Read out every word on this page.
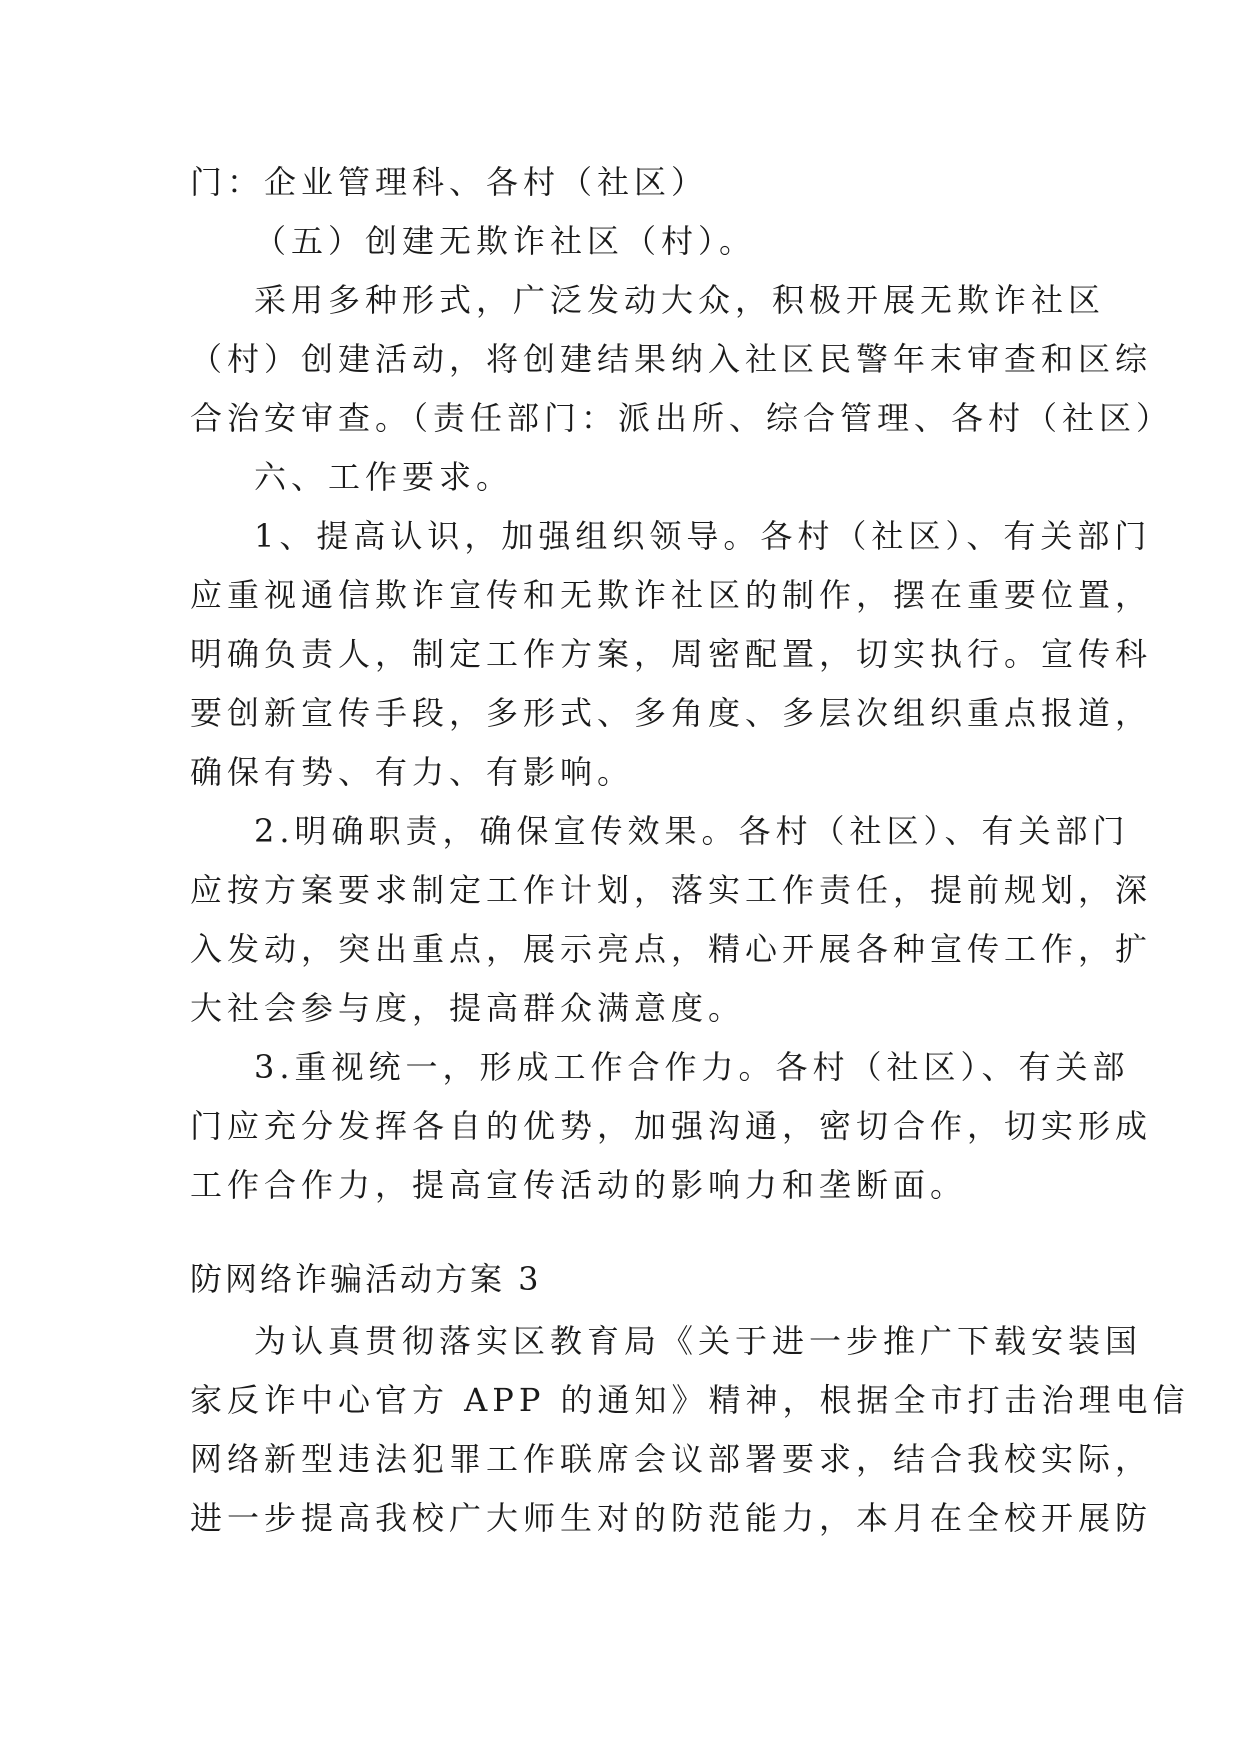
门：企业管理科、各村（社区）
（五）创建无欺诈社区（村）。
采用多种形式，广泛发动大众，积极开展无欺诈社区
（村）创建活动，将创建结果纳入社区民警年末审查和区综
合治安审查。（责任部门：派出所、综合管理、各村（社区）
六、工作要求。
1、提高认识，加强组织领导。各村（社区）、有关部门
应重视通信欺诈宣传和无欺诈社区的制作，摆在重要位置，
明确负责人，制定工作方案，周密配置，切实执行。宣传科
要创新宣传手段，多形式、多角度、多层次组织重点报道，
确保有势、有力、有影响。
2.明确职责，确保宣传效果。各村（社区）、有关部门
应按方案要求制定工作计划，落实工作责任，提前规划，深
入发动，突出重点，展示亮点，精心开展各种宣传工作，扩
大社会参与度，提高群众满意度。
3.重视统一，形成工作合作力。各村（社区）、有关部
门应充分发挥各自的优势，加强沟通，密切合作，切实形成
工作合作力，提高宣传活动的影响力和垄断面。
防网络诈骗活动方案 3
为认真贯彻落实区教育局《关于进一步推广下载安装国
家反诈中心官方 APP 的通知》精神，根据全市打击治理电信
网络新型违法犯罪工作联席会议部署要求，结合我校实际，
进一步提高我校广大师生对的防范能力，本月在全校开展防
